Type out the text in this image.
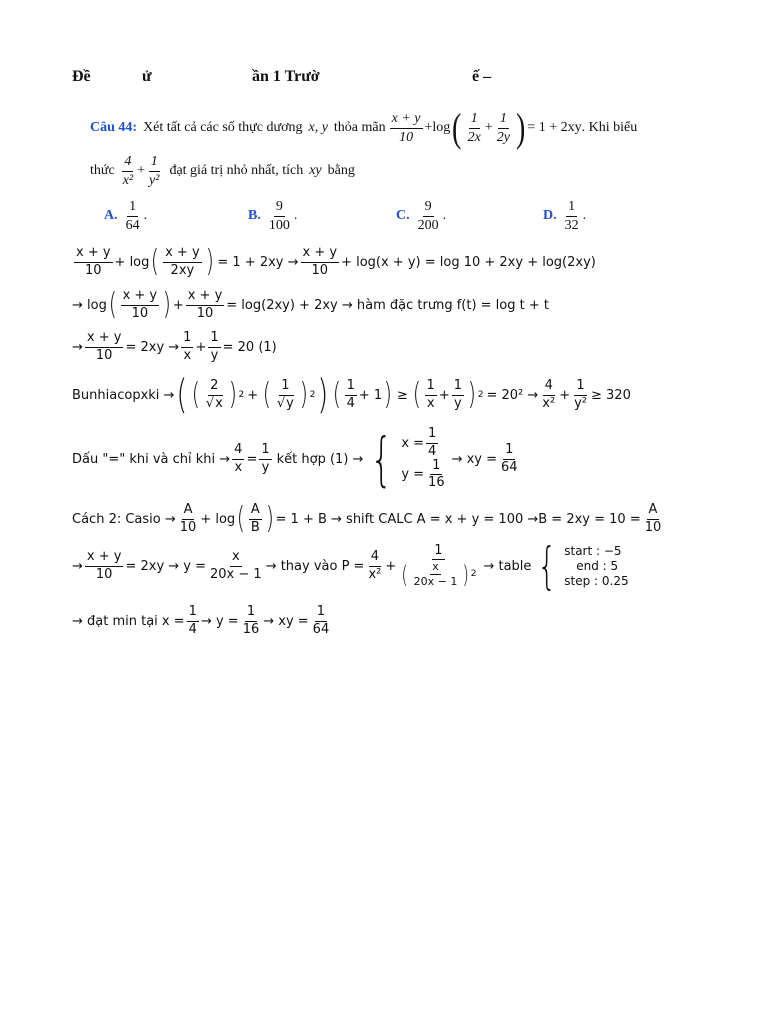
Đề	ử	ần 1 Trườ	ế –
Câu 44: Xét tất cả các số thực dương x, y thỏa mãn $\frac{x + y}{10} + \log$ ( $\frac{1}{2x} + \frac{1}{2y}$ ) = 1 + 2xy . Khi biểu
thức $\frac{4}{\text{x²}} + \frac{1}{\text{y²}}$ đạt giá trị nhỏ nhất, tích xy bằng
A. $\frac{1}{64}$ .	B. $\frac{9}{100}$ .	C. $\frac{9}{200}$ .	D. $\frac{1}{32}$ .
$\frac{x + y}{10} + \log$ ( $\frac{x + y}{2xy}$ ) = $1 + 2xy \to \frac{x + y}{10} + \log(x + y) = \log 10 + 2xy + \log(2xy)$
→ log ( $\frac{x + y}{10}$ ) + $\frac{x + y}{10} = \log(2xy) + 2xy$ → hàm đặc trưng f(t) = log t + t
→ $\frac{x + y}{10} = 2xy \to \frac{1}{x} + \frac{1}{y} = 20$ (1)
Bunhiacopxki → ( ( $\frac{2}{√x}$ ) 2 + ( $\frac{1}{√y}$ ) 2 ) ( $\frac{1}{4} + 1$ ) ≥ ( $\frac{1}{x} + \frac{1}{y}$ ) $2 = 20^2 \to \frac{4}{\text{x²}} + \frac{1}{\text{y²}} \ge 320$
Dấu "=" khi và chỉ khi → $\frac{4}{x} = \frac{1}{y}$ kết hợp (1) → { $x = \frac{1}{4}$
$y = \frac{1}{16}$ → xy = $\frac{1}{64}$
Cách 2: Casio → $\frac{A}{10} + \log$ ( $\frac{A}{B}$ ) = 1 + B → shift CALC $A = x + y = 100 \to B = 2xy = 10 = \frac{A}{10}$
→ $\frac{x + y}{10} = 2xy \to y = \frac{x}{20x - 1}$ → thay vào $P = \frac{4}{\text{x²}} + \frac{1}{( \frac{x}{20x - 1} ) 2}$ → table { start : −5
end : 5
step : 0.25
→ đạt min tại $x = \frac{1}{4} \to y = \frac{1}{16}$ → xy = $\frac{1}{64}$
